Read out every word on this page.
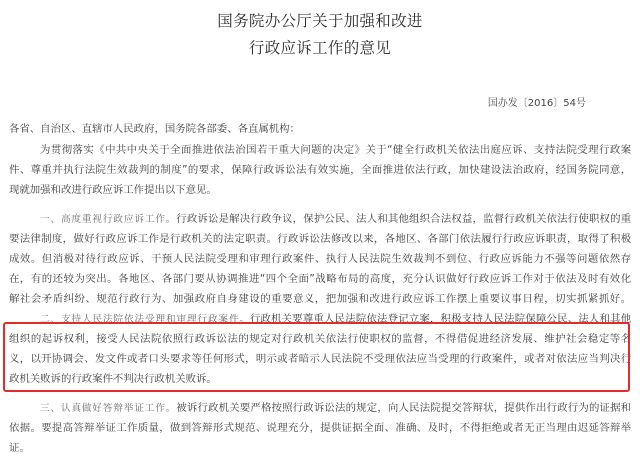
国务院办公厅关于加强和改进
行政应诉工作的意见
国办发〔2016〕54号
各省、自治区、直辖市人民政府，国务院各部委、各直属机构：
为贯彻落实《中共中央关于全面推进依法治国若干重大问题的决定》关于“健全行政机关依法出庭应诉、支持法院受理行政案
件、尊重并执行法院生效裁判的制度”的要求，保障行政诉讼法有效实施，全面推进依法行政，加快建设法治政府，经国务院同意，
现就加强和改进行政应诉工作提出以下意见。
一、高度重视行政应诉工作。行政诉讼是解决行政争议，保护公民、法人和其他组织合法权益，监督行政机关依法行使职权的重
要法律制度，做好行政应诉工作是行政机关的法定职责。行政诉讼法修改以来，各地区、各部门依法履行行政应诉职责，取得了积极
成效。但消极对待行政应诉、干预人民法院受理和审理行政案件、执行人民法院生效裁判不到位、行政应诉能力不强等问题依然存
在，有的还较为突出。各地区、各部门要从协调推进“四个全面”战略布局的高度，充分认识做好行政应诉工作对于依法及时有效化
解社会矛盾纠纷、规范行政行为、加强政府自身建设的重要意义，把加强和改进行政应诉工作摆上重要议事日程，切实抓紧抓好。
二、支持人民法院依法受理和审理行政案件。行政机关要尊重人民法院依法登记立案，积极支持人民法院保障公民、法人和其他
组织的起诉权利，接受人民法院依照行政诉讼法的规定对行政机关依法行使职权的监督，不得借促进经济发展、维护社会稳定等名
义，以开协调会、发文件或者口头要求等任何形式，明示或者暗示人民法院不受理依法应当受理的行政案件，或者对依法应当判决行
政机关败诉的行政案件不判决行政机关败诉。
三、认真做好答辩举证工作。被诉行政机关要严格按照行政诉讼法的规定，向人民法院提交答辩状，提供作出行政行为的证据和
依据。要提高答辩举证工作质量，做到答辩形式规范、说理充分，提供证据全面、准确、及时，不得拒绝或者无正当理由迟延答辩举
证。
